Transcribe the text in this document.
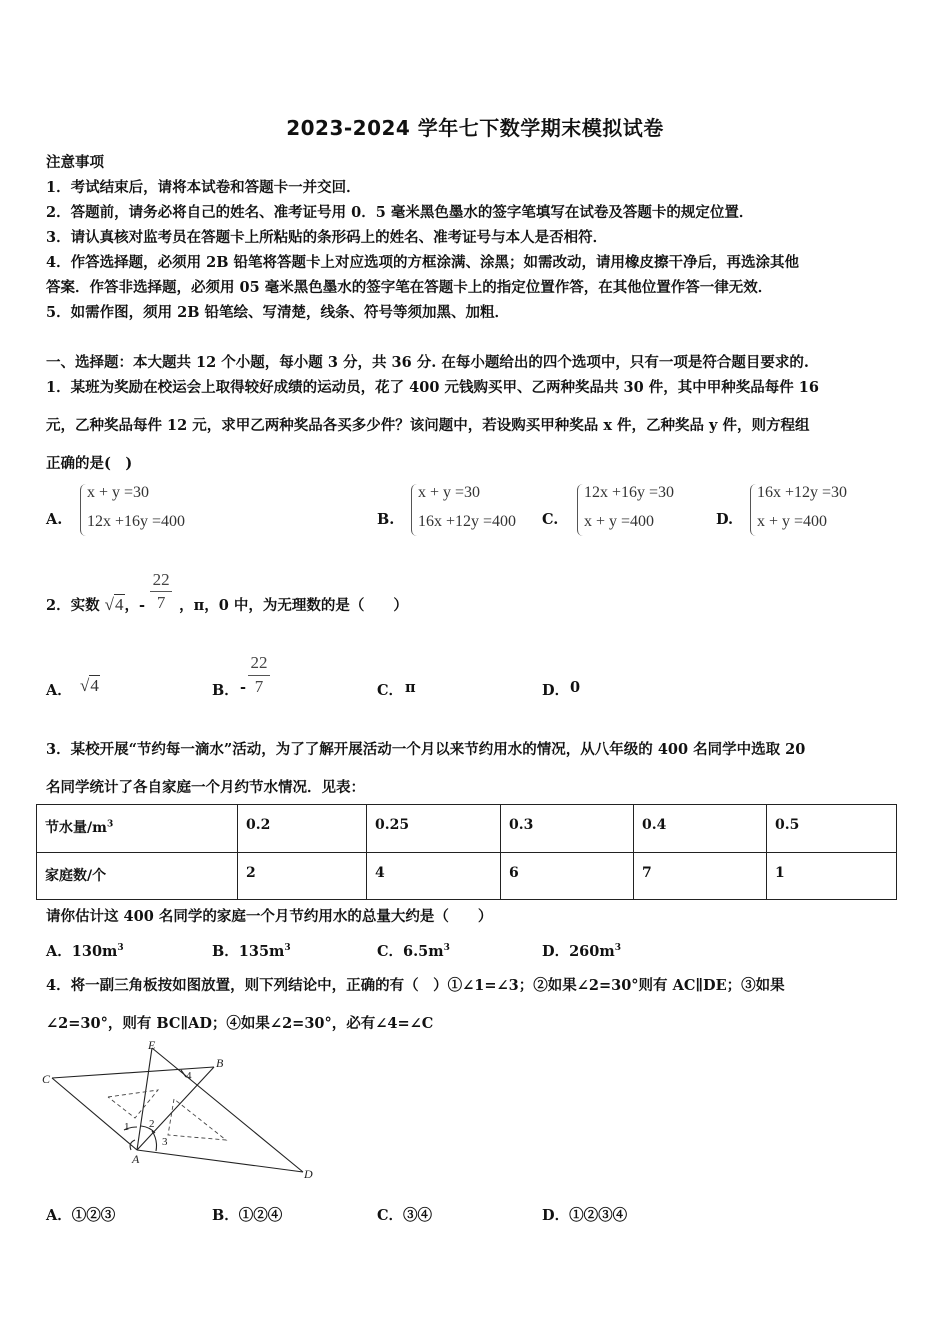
2023-2024 学年七下数学期末模拟试卷
注意事项
1．考试结束后，请将本试卷和答题卡一并交回．
2．答题前，请务必将自己的姓名、准考证号用 0．5 毫米黑色墨水的签字笔填写在试卷及答题卡的规定位置．
3．请认真核对监考员在答题卡上所粘贴的条形码上的姓名、准考证号与本人是否相符．
4．作答选择题，必须用 2B 铅笔将答题卡上对应选项的方框涂满、涂黑；如需改动，请用橡皮擦干净后，再选涂其他
答案．作答非选择题，必须用 05 毫米黑色墨水的签字笔在答题卡上的指定位置作答，在其他位置作答一律无效．
5．如需作图，须用 2B 铅笔绘、写清楚，线条、符号等须加黑、加粗．
一、选择题：本大题共 12 个小题，每小题 3 分，共 36 分. 在每小题给出的四个选项中，只有一项是符合题目要求的.
1．某班为奖励在校运会上取得较好成绩的运动员，花了 400 元钱购买甲、乙两种奖品共 30 件，其中甲种奖品每件 16
元，乙种奖品每件 12 元，求甲乙两种奖品各买多少件？该问题中，若设购买甲种奖品 x 件，乙种奖品 y 件，则方程组
正确的是(　)
A.
x + y =30
12x +16y =400	B.
x + y =30
16x +12y =400 C.
12x +16y =30
x + y =400	D.
16x +12y =30
x + y =400
2．实数 √4，- $\frac{22}{7}$ ，π，0 中，为无理数的是（　　）
A． √4	B． -
22
7	C． π	D． 0
3．某校开展“节约每一滴水”活动，为了了解开展活动一个月以来节约用水的情况，从八年级的 400 名同学中选取 20
名同学统计了各自家庭一个月约节水情况．见表：
节水量$/m^3$	0.2	0.25	0.3	0.4	0.5
家庭数/个	2	4	6	7	1
请你估计这 400 名同学的家庭一个月节约用水的总量大约是（　　）
A．$130m^3$	B．$135m^3$	C．$6.5m^3$	D．$260m^3$
4．将一副三角板按如图放置，则下列结论中，正确的有（　）①∠1=∠3；②如果∠2=30°则有 AC∥DE；③如果
∠2=30°，则有 BC∥AD；④如果∠2=30°，必有∠4=∠C
C
E
B
A
D
4
1 2
3
A．①②③	B．①②④	C．③④	D．①②③④
